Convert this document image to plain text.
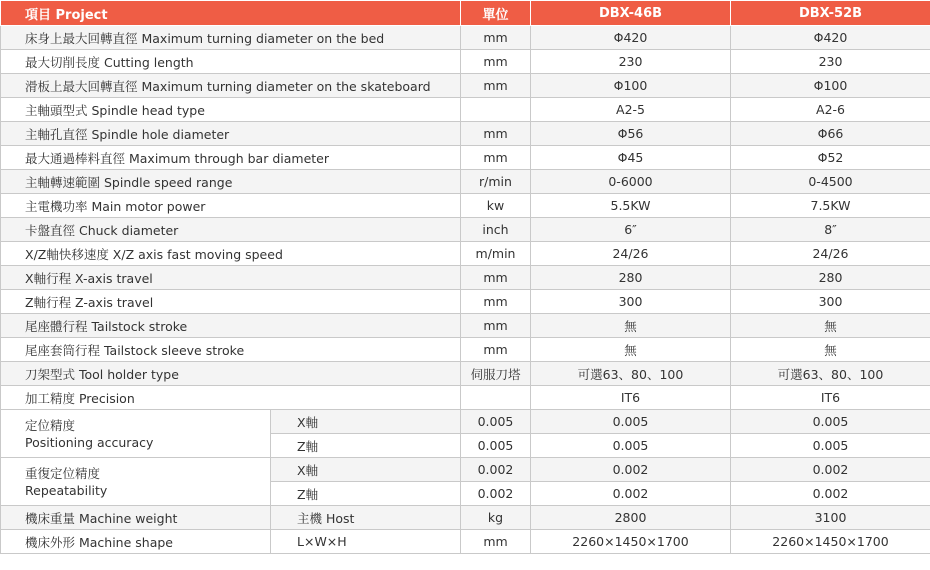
項目 Project		單位	DBX-46B	DBX-52B
床身上最大回轉直徑 Maximum turning diameter on the bed		mm	Φ420	Φ420
最大切削長度 Cutting length		mm	230	230
滑板上最大回轉直徑 Maximum turning diameter on the skateboard		mm	Φ100	Φ100
主軸頭型式 Spindle head type			A2-5	A2-6
主軸孔直徑 Spindle hole diameter		mm	Φ56	Φ66
最大通過棒料直徑 Maximum through bar diameter		mm	Φ45	Φ52
主軸轉速範圍 Spindle speed range		r/min	0-6000	0-4500
主電機功率 Main motor power		kw	5.5KW	7.5KW
卡盤直徑 Chuck diameter		inch	6″	8″
X/Z軸快移速度 X/Z axis fast moving speed		m/min	24/26	24/26
X軸行程 X-axis travel		mm	280	280
Z軸行程 Z-axis travel		mm	300	300
尾座體行程 Tailstock stroke		mm	無	無
尾座套筒行程 Tailstock sleeve stroke		mm	無	無
刀架型式 Tool holder type		伺服刀塔	可選63、80、100	可選63、80、100
加工精度 Precision			IT6	IT6

定位精度
Positioning accuracy	X軸	0.005	0.005	0.005
	Z軸	0.005	0.005	0.005

重復定位精度
Repeatability	X軸	0.002	0.002	0.002
	Z軸	0.002	0.002	0.002
機床重量 Machine weight	主機 Host	kg	2800	3100
機床外形 Machine shape	L×W×H	mm	2260×1450×1700	2260×1450×1700
